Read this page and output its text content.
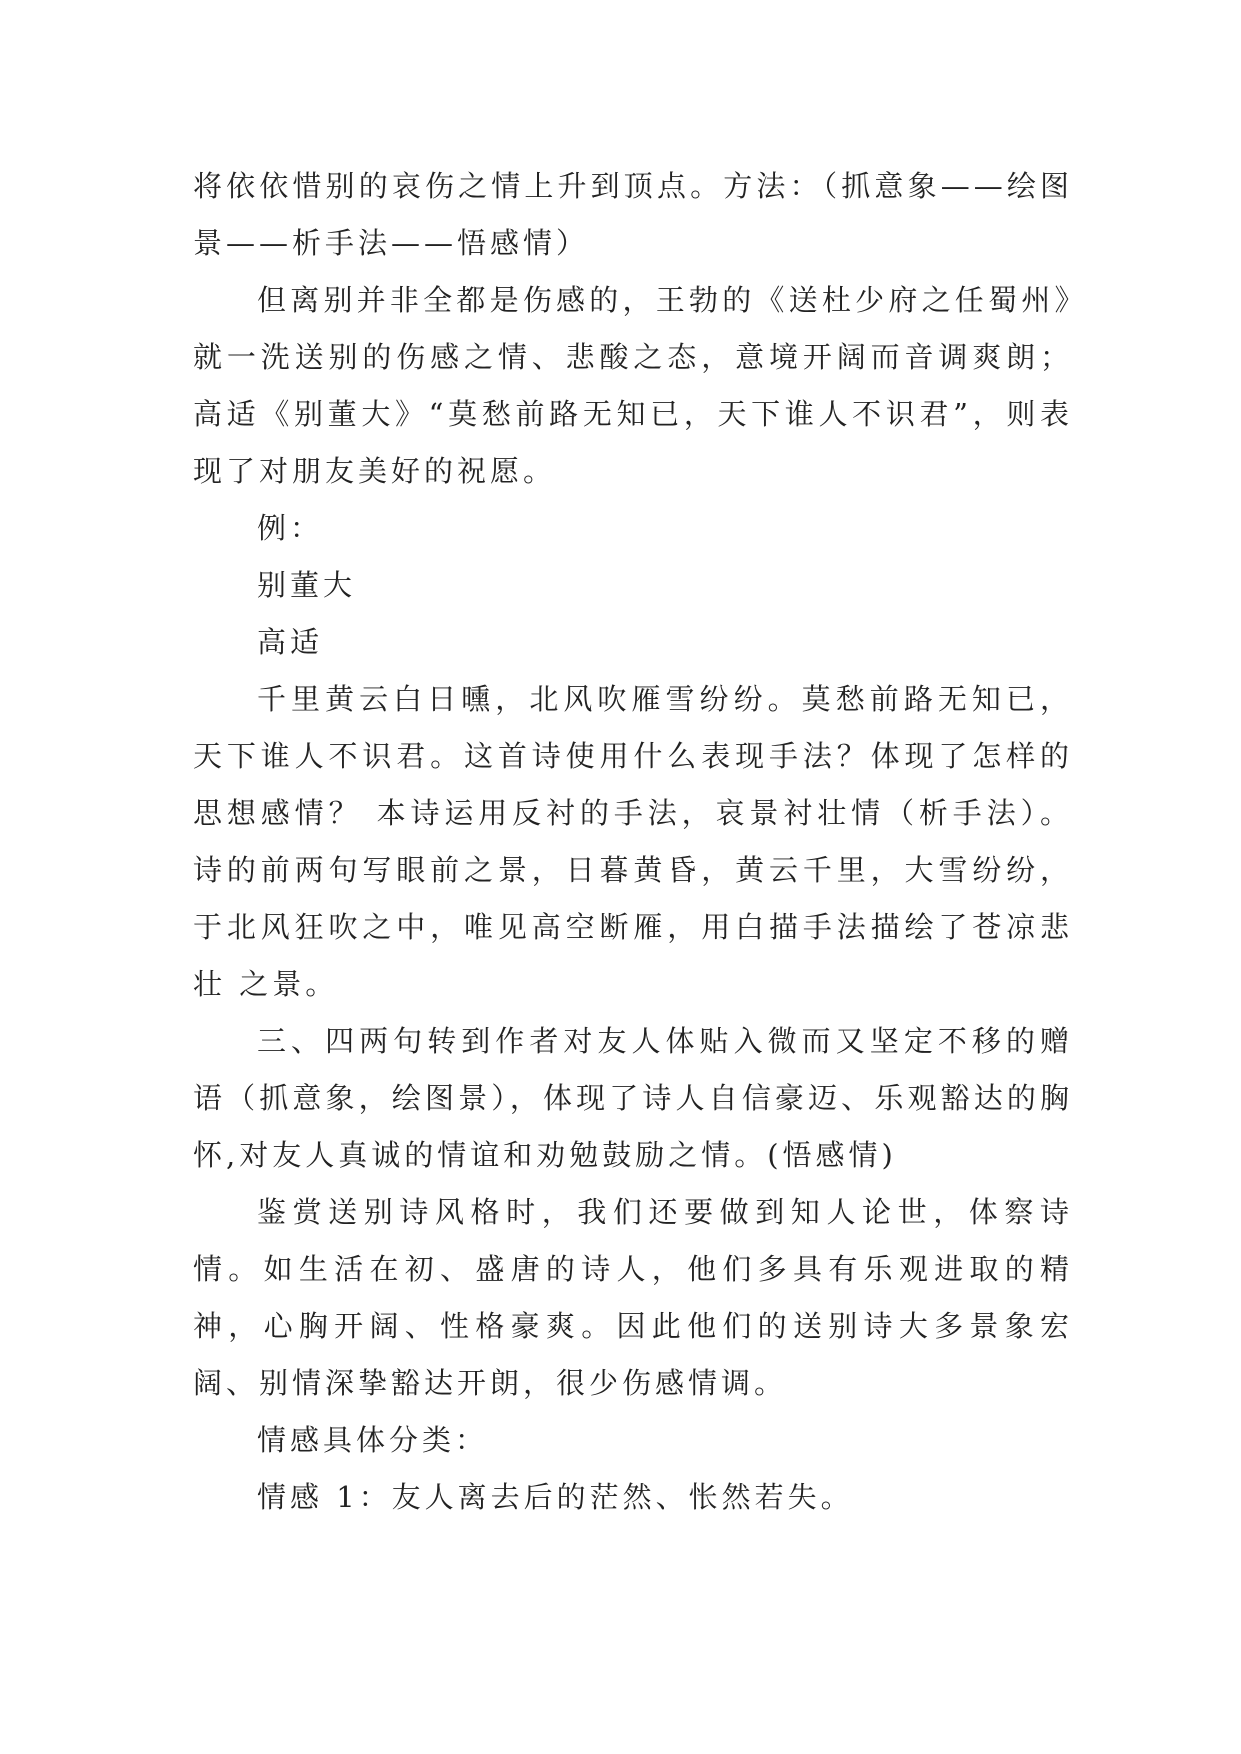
将依依惜别的哀伤之情上升到顶点。方法：（抓意象——绘图景——析手法——悟感情）

但离别并非全都是伤感的，王勃的《送杜少府之任蜀州》就一洗送别的伤感之情、悲酸之态，意境开阔而音调爽朗；高适《别董大》“莫愁前路无知已，天下谁人不识君”，则表现了对朋友美好的祝愿。

例：

别董大

高适

千里黄云白日曛，北风吹雁雪纷纷。莫愁前路无知已，天下谁人不识君。这首诗使用什么表现手法？体现了怎样的思想感情？ 本诗运用反衬的手法，哀景衬壮情（析手法）。诗的前两句写眼前之景，日暮黄昏，黄云千里，大雪纷纷，于北风狂吹之中，唯见高空断雁，用白描手法描绘了苍凉悲壮 之景。

三、四两句转到作者对友人体贴入微而又坚定不移的赠语（抓意象，绘图景），体现了诗人自信豪迈、乐观豁达的胸怀,对友人真诚的情谊和劝勉鼓励之情。(悟感情)

鉴赏送别诗风格时，我们还要做到知人论世，体察诗情。如生活在初、盛唐的诗人，他们多具有乐观进取的精神，心胸开阔、性格豪爽。因此他们的送别诗大多景象宏阔、别情深挚豁达开朗，很少伤感情调。

情感具体分类：

情感 1：友人离去后的茫然、怅然若失。
